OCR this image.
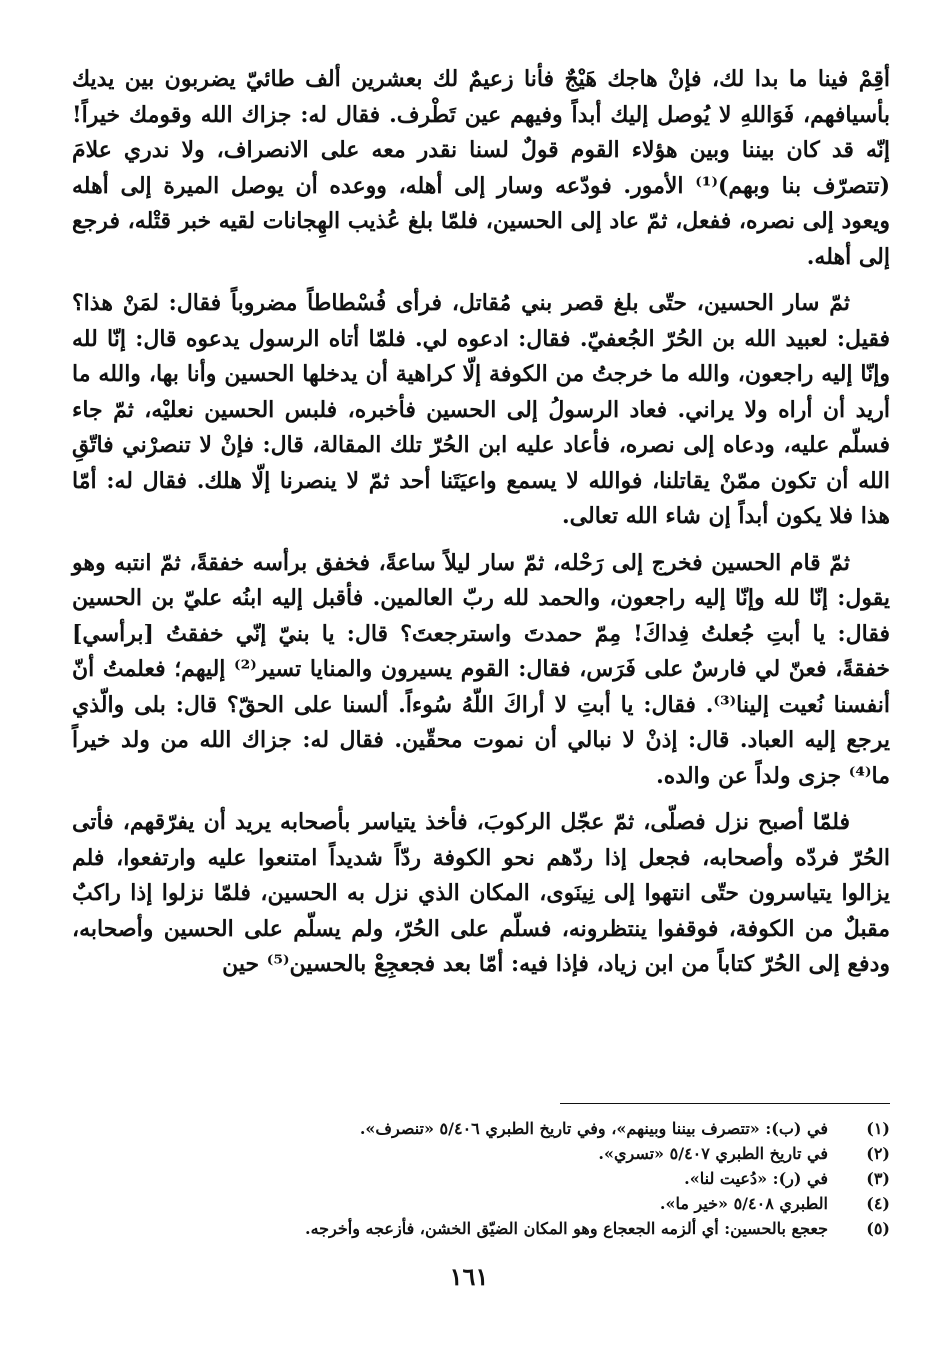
أقِمْ فينا ما بدا لك، فإنْ هاجك هَيْجٌ فأنا زعيمٌ لك بعشرين ألف طائيّ يضربون بين يديك بأسيافهم، فَوَاللهِ لا يُوصل إليك أبداً وفيهم عين تَطْرف. فقال له: جزاك الله وقومك خيراً! إنّه قد كان بيننا وبين هؤلاء القوم قولٌ لسنا نقدر معه على الانصراف، ولا ندري علامَ (تتصرّف بنا وبهم)⁽¹⁾ الأمور. فودّعه وسار إلى أهله، ووعده أن يوصل الميرة إلى أهله ويعود إلى نصره، ففعل، ثمّ عاد إلى الحسين، فلمّا بلغ عُذيب الهِجانات لقيه خبر قتْله، فرجع إلى أهله.

ثمّ سار الحسين، حتّى بلغ قصر بني مُقاتل، فرأى فُسْطاطاً مضروباً فقال: لمَنْ هذا؟ فقيل: لعبيد الله بن الحُرّ الجُعفيّ. فقال: ادعوه لي. فلمّا أتاه الرسول يدعوه قال: إنّا لله وإنّا إليه راجعون، والله ما خرجتُ من الكوفة إلّا كراهية أن يدخلها الحسين وأنا بها، والله ما أريد أن أراه ولا يراني. فعاد الرسولُ إلى الحسين فأخبره، فلبس الحسين نعليْه، ثمّ جاء فسلّم عليه، ودعاه إلى نصره، فأعاد عليه ابن الحُرّ تلك المقالة، قال: فإنْ لا تنصرْني فاتّقِ الله أن تكون ممّنْ يقاتلنا، فوالله لا يسمع واعيَتَنا أحد ثمّ لا ينصرنا إلّا هلك. فقال له: أمّا هذا فلا يكون أبداً إن شاء الله تعالى.

ثمّ قام الحسين فخرج إلى رَحْله، ثمّ سار ليلاً ساعةً، فخفق برأسه خفقةً، ثمّ انتبه وهو يقول: إنّا لله وإنّا إليه راجعون، والحمد لله ربّ العالمين. فأقبل إليه ابنُه عليّ بن الحسين فقال: يا أبتِ جُعلتُ فِداكَ! مِمّ حمدتَ واسترجعتَ؟ قال: يا بنيّ إنّي خفقتُ [برأسي] خفقةً، فعنّ لي فارسٌ على فَرَس، فقال: القوم يسيرون والمنايا تسير⁽²⁾ إليهم؛ فعلمتُ أنّ أنفسنا نُعيت إلينا⁽³⁾. فقال: يا أبتِ لا أراكَ اللّهُ سُوءاً. ألسنا على الحقّ؟ قال: بلى والّذي يرجع إليه العباد. قال: إذنْ لا نبالي أن نموت محقّين. فقال له: جزاك الله من ولد خيراً ما⁽⁴⁾ جزى ولداً عن والده.

فلمّا أصبح نزل فصلّى، ثمّ عجّل الركوبَ، فأخذ يتياسر بأصحابه يريد أن يفرّقهم، فأتى الحُرّ فردّه وأصحابه، فجعل إذا ردّهم نحو الكوفة ردّاً شديداً امتنعوا عليه وارتفعوا، فلم يزالوا يتياسرون حتّى انتهوا إلى نِينَوى، المكان الذي نزل به الحسين، فلمّا نزلوا إذا راكبٌ مقبلٌ من الكوفة، فوقفوا ينتظرونه، فسلّم على الحُرّ، ولم يسلّم على الحسين وأصحابه، ودفع إلى الحُرّ كتاباً من ابن زياد، فإذا فيه: أمّا بعد فجعجِعْ بالحسين⁽⁵⁾ حين

(١)
في (ب): «تتصرف بيننا وبينهم»، وفي تاريخ الطبري ٥/٤٠٦ «تنصرف».
(٢)
في تاريخ الطبري ٥/٤٠٧ «تسري».
(٣)
في (ر): «دُعيت لنا».
(٤)
الطبري ٥/٤٠٨ «خير ما».
(٥)
جعجع بالحسين: أي ألزمه الجعجاع وهو المكان الضيّق الخشن، فأزعجه وأخرجه.
١٦١
